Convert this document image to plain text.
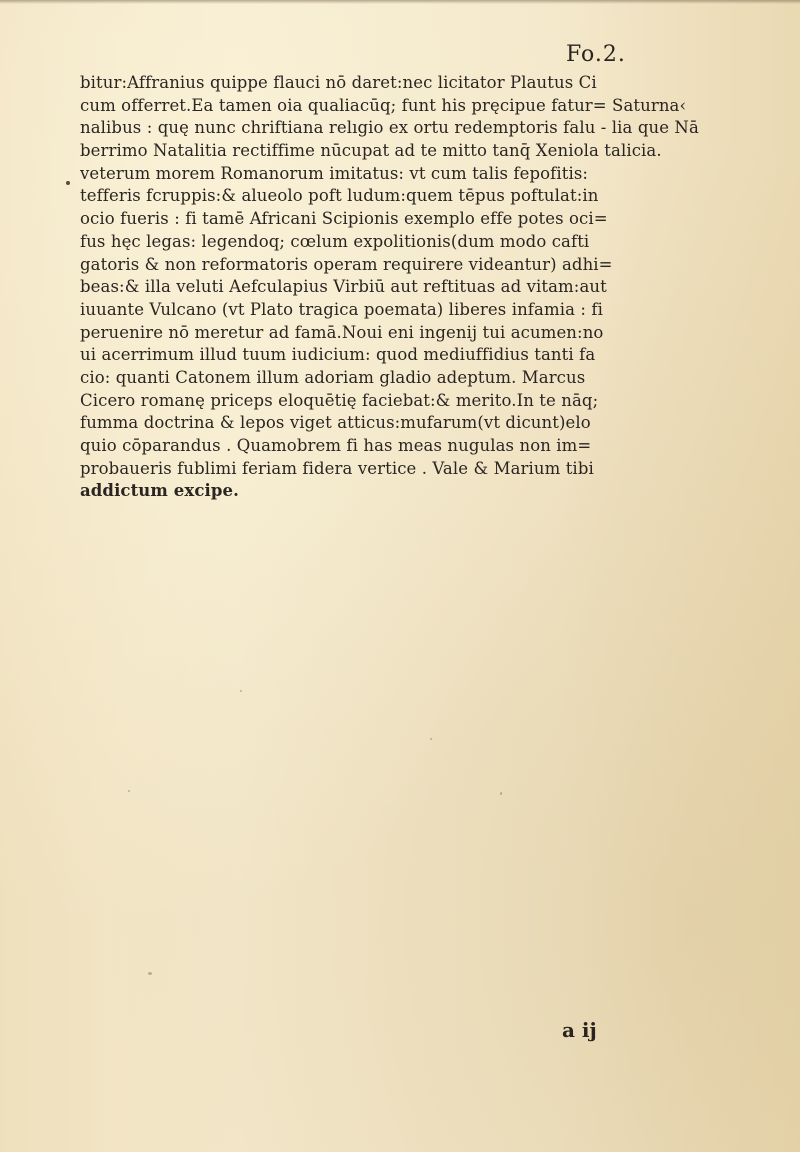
Fo.2.
bitur:Affranius quippe flauci nō daret:nec licitator Plautus Ci
cum offerret.Ea tamen oia qualiacūq; funt his pręcipue fatur= Saturna‹
nalibus : quę nunc chriftiana relıgio ex ortu redemptoris falu - lia que Nā
berrimo Natalitia rectiffime nūcupat ad te mitto tanq̄ Xeniola talicia.
veterum morem Romanorum imitatus: vt cum talis fepofitis:
tefferis fcruppis:& alueolo poft ludum:quem tēpus poftulat:in
ocio fueris : fi tamē Africani Scipionis exemplo effe potes oci=
fus hęc legas: legendoq; cœlum expolitionis(dum modo cafti
gatoris & non reformatoris operam requirere videantur) adhi=
beas:& illa veluti Aefculapius Virbiū aut reftituas ad vitam:aut
iuuante Vulcano (vt Plato tragica poemata) liberes infamia : fi
peruenire nō meretur ad famā.Noui eni ingenij tui acumen:no
ui acerrimum illud tuum iudicium: quod mediuffidius tanti fa
cio: quanti Catonem illum adoriam gladio adeptum. Marcus
Cicero romanę priceps eloquētię faciebat:& merito.In te nāq;
fumma doctrina & lepos viget atticus:mufarum(vt dicunt)elo
quio cōparandus . Quamobrem fi has meas nugulas non im=
probaueris fublimi feriam fidera vertice . Vale & Marium tibi
addictum excipe.
a ij
